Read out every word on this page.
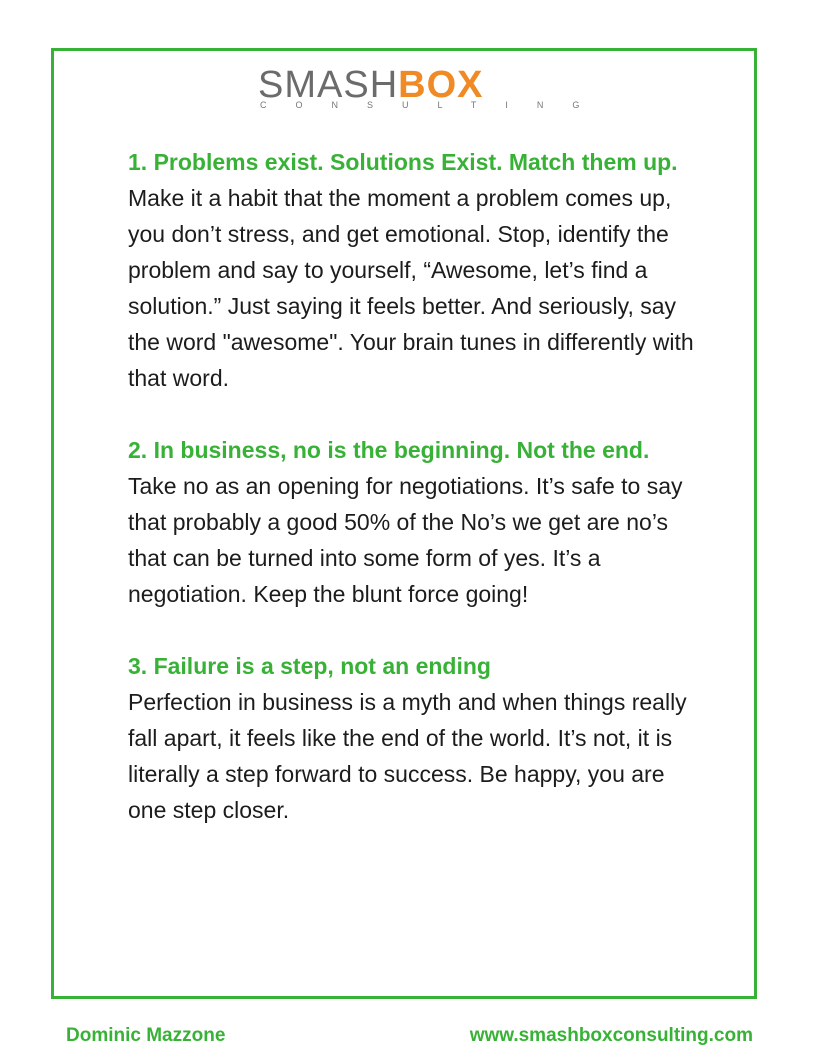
SMASHBOX
CONSULTING
1. Problems exist. Solutions Exist. Match them up.
Make it a habit that the moment a problem comes up, you don’t stress, and get emotional. Stop, identify the problem and say to yourself, “Awesome, let’s find a solution.” Just saying it feels better. And seriously, say the word "awesome". Your brain tunes in differently with that word.
2. In business, no is the beginning. Not the end.
Take no as an opening for negotiations. It’s safe to say that probably a good 50% of the No’s we get are no’s that can be turned into some form of yes. It’s a negotiation. Keep the blunt force going!
3. Failure is a step, not an ending
Perfection in business is a myth and when things really fall apart, it feels like the end of the world. It’s not, it is literally a step forward to success. Be happy, you are one step closer.
Dominic Mazzone	www.smashboxconsulting.com
